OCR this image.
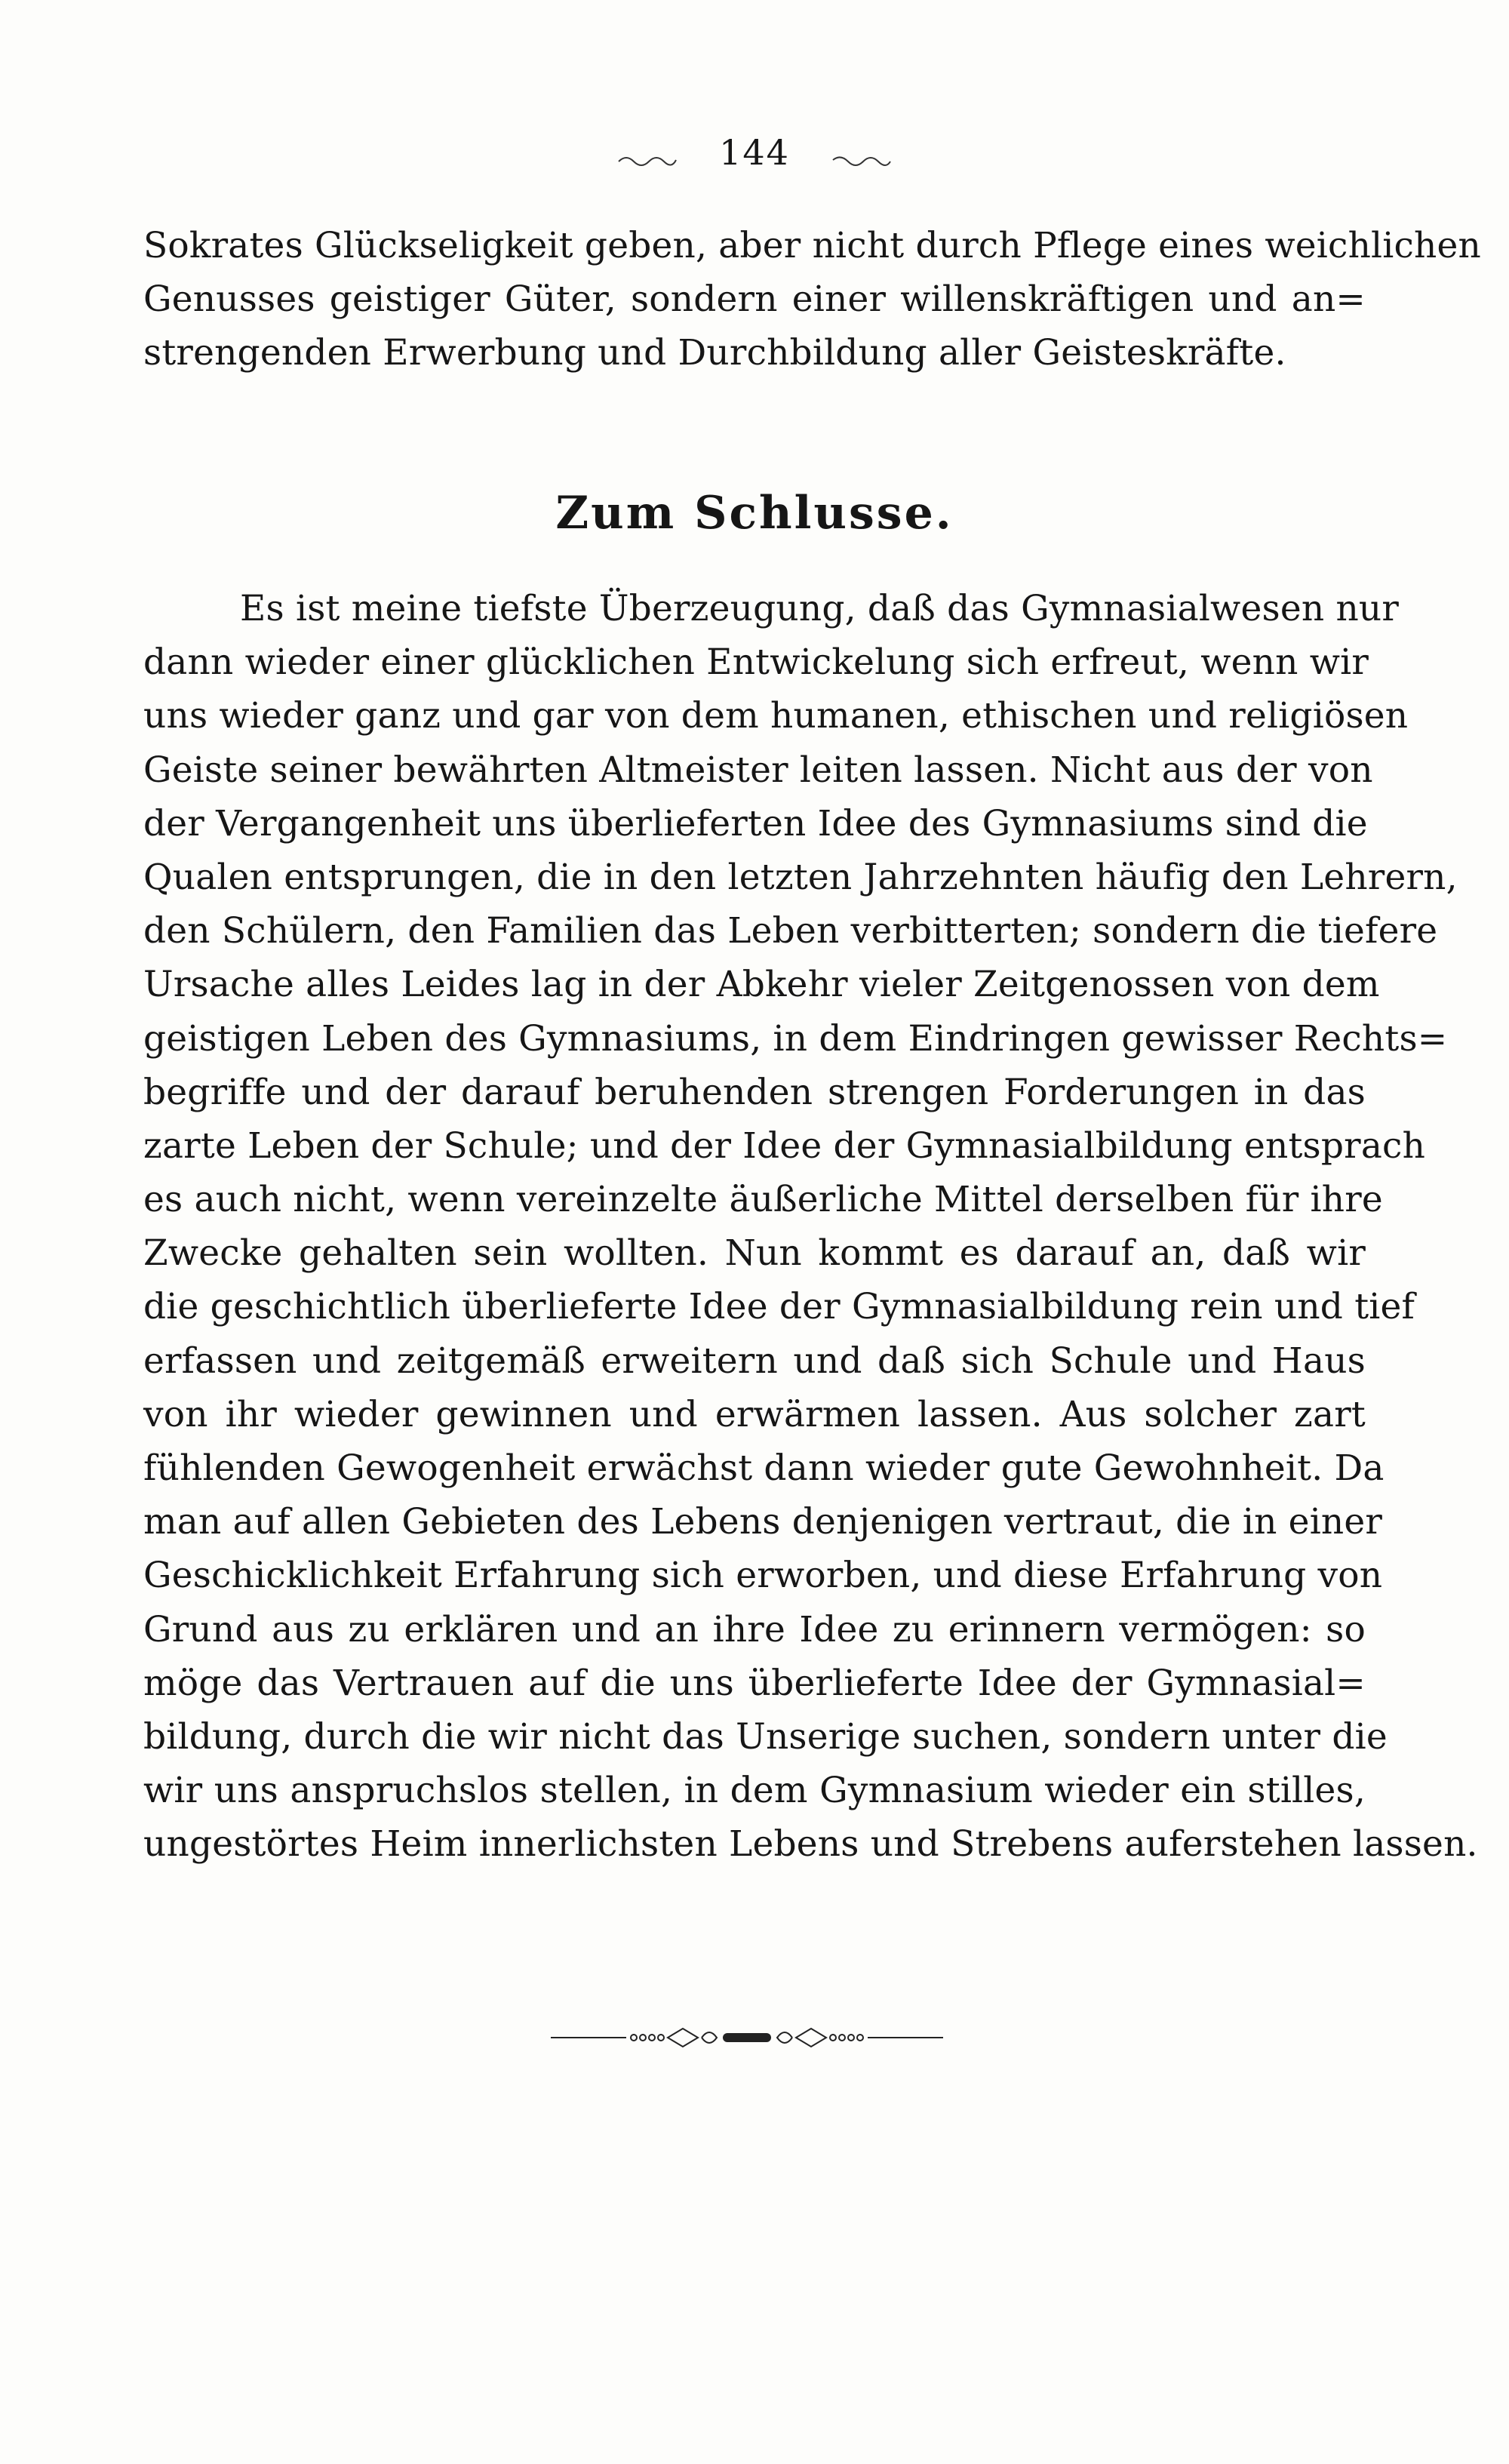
144
Sokrates Glückseligkeit geben, aber nicht durch Pflege eines weichlichen
Genusses geistiger Güter, sondern einer willenskräftigen und an=
strengenden Erwerbung und Durchbildung aller Geisteskräfte.
Zum Schlusse.
Es ist meine tiefste Überzeugung, daß das Gymnasialwesen nur
dann wieder einer glücklichen Entwickelung sich erfreut, wenn wir
uns wieder ganz und gar von dem humanen, ethischen und religiösen
Geiste seiner bewährten Altmeister leiten lassen. Nicht aus der von
der Vergangenheit uns überlieferten Idee des Gymnasiums sind die
Qualen entsprungen, die in den letzten Jahrzehnten häufig den Lehrern,
den Schülern, den Familien das Leben verbitterten; sondern die tiefere
Ursache alles Leides lag in der Abkehr vieler Zeitgenossen von dem
geistigen Leben des Gymnasiums, in dem Eindringen gewisser Rechts=
begriffe und der darauf beruhenden strengen Forderungen in das
zarte Leben der Schule; und der Idee der Gymnasialbildung entsprach
es auch nicht, wenn vereinzelte äußerliche Mittel derselben für ihre
Zwecke gehalten sein wollten. Nun kommt es darauf an, daß wir
die geschichtlich überlieferte Idee der Gymnasialbildung rein und tief
erfassen und zeitgemäß erweitern und daß sich Schule und Haus
von ihr wieder gewinnen und erwärmen lassen. Aus solcher zart
fühlenden Gewogenheit erwächst dann wieder gute Gewohnheit. Da
man auf allen Gebieten des Lebens denjenigen vertraut, die in einer
Geschicklichkeit Erfahrung sich erworben, und diese Erfahrung von
Grund aus zu erklären und an ihre Idee zu erinnern vermögen: so
möge das Vertrauen auf die uns überlieferte Idee der Gymnasial=
bildung, durch die wir nicht das Unserige suchen, sondern unter die
wir uns anspruchslos stellen, in dem Gymnasium wieder ein stilles,
ungestörtes Heim innerlichsten Lebens und Strebens auferstehen lassen.
